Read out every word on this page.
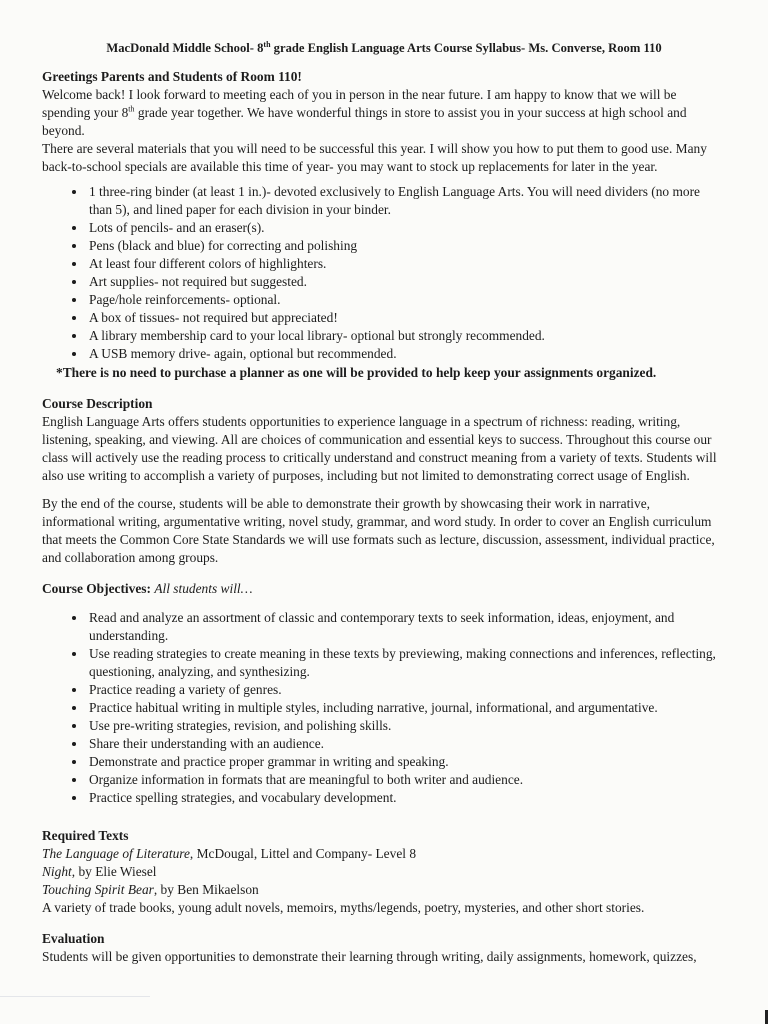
MacDonald Middle School- 8th grade English Language Arts Course Syllabus- Ms. Converse, Room 110

Greetings Parents and Students of Room 110!

Welcome back! I look forward to meeting each of you in person in the near future. I am happy to know that we will be spending your 8th grade year together. We have wonderful things in store to assist you in your success at high school and beyond.

There are several materials that you will need to be successful this year. I will show you how to put them to good use. Many back-to-school specials are available this time of year- you may want to stock up replacements for later in the year.

• 1 three-ring binder (at least 1 in.)- devoted exclusively to English Language Arts. You will need dividers (no more than 5), and lined paper for each division in your binder.
• Lots of pencils- and an eraser(s).
• Pens (black and blue) for correcting and polishing
• At least four different colors of highlighters.
• Art supplies- not required but suggested.
• Page/hole reinforcements- optional.
• A box of tissues- not required but appreciated!
• A library membership card to your local library- optional but strongly recommended.
• A USB memory drive- again, optional but recommended.

*There is no need to purchase a planner as one will be provided to help keep your assignments organized.

Course Description

English Language Arts offers students opportunities to experience language in a spectrum of richness: reading, writing, listening, speaking, and viewing. All are choices of communication and essential keys to success. Throughout this course our class will actively use the reading process to critically understand and construct meaning from a variety of texts. Students will also use writing to accomplish a variety of purposes, including but not limited to demonstrating correct usage of English.

By the end of the course, students will be able to demonstrate their growth by showcasing their work in narrative, informational writing, argumentative writing, novel study, grammar, and word study. In order to cover an English curriculum that meets the Common Core State Standards we will use formats such as lecture, discussion, assessment, individual practice, and collaboration among groups.

Course Objectives: All students will…

• Read and analyze an assortment of classic and contemporary texts to seek information, ideas, enjoyment, and understanding.
• Use reading strategies to create meaning in these texts by previewing, making connections and inferences, reflecting, questioning, analyzing, and synthesizing.
• Practice reading a variety of genres.
• Practice habitual writing in multiple styles, including narrative, journal, informational, and argumentative.
• Use pre-writing strategies, revision, and polishing skills.
• Share their understanding with an audience.
• Demonstrate and practice proper grammar in writing and speaking.
• Organize information in formats that are meaningful to both writer and audience.
• Practice spelling strategies, and vocabulary development.

Required Texts

The Language of Literature, McDougal, Littel and Company- Level 8

Night, by Elie Wiesel

Touching Spirit Bear, by Ben Mikaelson

A variety of trade books, young adult novels, memoirs, myths/legends, poetry, mysteries, and other short stories.

Evaluation

Students will be given opportunities to demonstrate their learning through writing, daily assignments, homework, quizzes,
